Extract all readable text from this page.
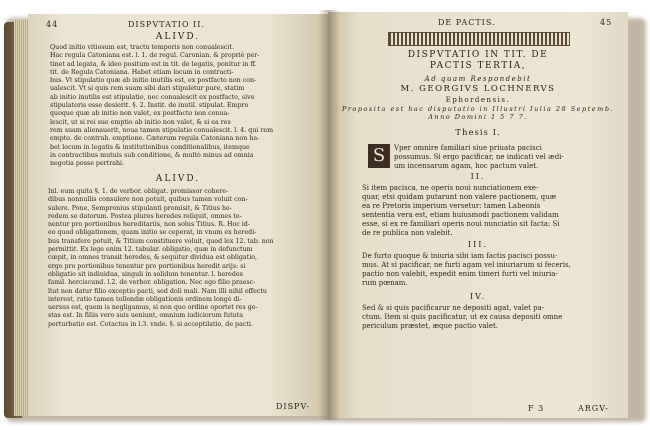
44	DISPVTATIO II.
ALIVD.
Quod initio vitiosum est, tractu temporis non conualescit.
Hac regula Catoniana est. l. 1. de regul. Caronian. & propriè per-
tinet ad legata, & ideo positum est in tit. de legatis, ponitur in ff.
tit. de Regula Catoniana. Habet etiam locum in contracti-
bus. Vt stipulatio quæ ab initio inutilis est, ex postfacto non con-
ualescit. Vt si quis rem suam sibi dari stipuletur pure, statim
ab initio inutilis est stipulatio, nec conualescit ex postfacto, sive
stipulatoris esse desierit. §. 2. Instit. de inutil. stipulat. Empro
quoque quæ ab initio non valet, ex postfacto non conua-
lescit, ut si rei sue emptio ab initio non valet, & si ea res
rem suam alienauerit, noua tamen stipulatio conualescit. l. 4. qui rem
empto. de contrah. emptione. Cæterum regula Catoniana non ha-
bet locum in legatis & institutionibus conditionalibus, itemque
in contractibus mutuis sub conditione, & multò minus ad omnia
negotia posse pertrahi.
ALIVD.
Inl. eum quita §. 1. de verbor. obligat. promissor cohere-
dibus nonnullis consulere non potuit, quibus tamen voluit con-
sulere. Pone, Sempronius stipulanti promisit, & Titius he-
redem se datorum. Postea plures heredes reliquit, omnes te-
nentur pro portionibus hereditariis, non solus Titius. R. Hoc id-
eo quod obligationem, quam initio se ceperat, in vnum ex heredi-
bus transfere potuit, & Titium constituere voluit, quod lex 12. tab. non
permittit. Ex lege enim 12. tabular. obligatio, quæ in defunctum
cœpit, in omnes transit heredes, & sequitur dividua est obligatio,
ergo pro portionibus tenentur pro portionibus heredit arijs: si
obligatio sit indiuidua, singuli in solidum tenentur. l. heredes
famil. herciscund. l.2. de verbor. obligation. Nec ego filio praesc-
ltat non datur filio exceptio pacti, sed doli mali. Nam illi nihil effectu
interest, ratio tamen tollendæ obligationis ordinem longè di-
uersus est, quem is negligamus, si non quo ordine oportet res ge-
stas est. In filiis vero suis ueniunt, omnium iudiciorum fututa
perturbatio est. Cotactus in l.3. vnde. §. si acceptilatio, de pacti.
DISPV-
DE PACTIS.	45
DISPVTATIO IN TIT. DE
PACTIS TERTIA,
Ad quam Respondebit
M. GEORGIVS LOCHNERVS
Ephordensis.
Proposita est hac disputatio in Illustri Iulia 28 Septemb.
Anno Domini 1 5 7 7.
Thesis I.
S	Vper omnire familiari siue priuata pacisci
possumus. Si ergo pacificar, ne indicati vel ædi-
um incensarum agam, hoc pactum valet.
II.
Si item pacisca, ne operis noui nunciationem exe-
quar, etsi quidam putarunt non valere pactionem, quæ
ea re Pretoris imperium versetur: tamen Labeonis
sententia vera est, etiam huiusmodi pactionem validam
esse, si ex re familiari operis noui nunciatio sit facta: Si
de re publica non valebit.
III.
De furto quoque & iniuria sibi iam factis pacisci possu-
mus. At si pacificar, ne furti agam vel iniuriarum si feceris,
pactio non valebit, expedit enim timeri furti vel iniuria-
rum pœnam.
IV.
Sed & si quis pacificarur ne depositi agat, valet pa-
ctum. Item si quis pacificatur, ut ex causa depositi omne
periculum præstet, æque pactio valet.
F 3	ARGV-
